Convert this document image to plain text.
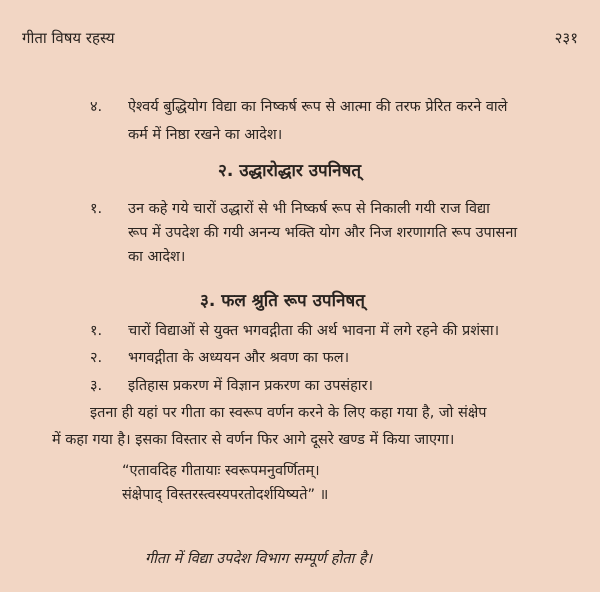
गीता विषय रहस्य	२३१
४. ऐश्वर्य बुद्धियोग विद्या का निष्कर्ष रूप से आत्मा की तरफ प्रेरित करने वाले
कर्म में निष्ठा रखने का आदेश।
२. उद्धारोद्धार उपनिषत्
१. उन कहे गये चारों उद्धारों से भी निष्कर्ष रूप से निकाली गयी राज विद्या
रूप में उपदेश की गयी अनन्य भक्ति योग और निज शरणागति रूप उपासना
का आदेश।
३. फल श्रुति रूप उपनिषत्
१. चारों विद्याओं से युक्त भगवद्गीता की अर्थ भावना में लगे रहने की प्रशंसा।
२. भगवद्गीता के अध्ययन और श्रवण का फल।
३. इतिहास प्रकरण में विज्ञान प्रकरण का उपसंहार।
इतना ही यहां पर गीता का स्वरूप वर्णन करने के लिए कहा गया है, जो संक्षेप
में कहा गया है। इसका विस्तार से वर्णन फिर आगे दूसरे खण्ड में किया जाएगा।
“एतावदिह गीतायाः स्वरूपमनुवर्णितम्।
संक्षेपाद् विस्तरस्त्वस्यपरतोदर्शयिष्यते” ॥
गीता में विद्या उपदेश विभाग सम्पूर्ण होता है।
